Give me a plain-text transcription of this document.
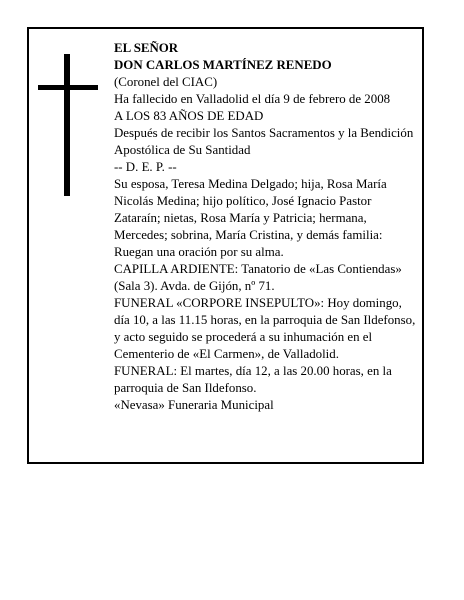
EL SEÑOR

DON CARLOS MARTÍNEZ RENEDO

(Coronel del CIAC)

Ha fallecido en Valladolid el día 9 de febrero de 2008

A LOS 83 AÑOS DE EDAD

Después de recibir los Santos Sacramentos y la Bendición Apostólica de Su Santidad

-- D. E. P. --

Su esposa, Teresa Medina Delgado; hija, Rosa María Nicolás Medina; hijo político, José Ignacio Pastor Zataraín; nietas, Rosa María y Patricia; hermana, Mercedes; sobrina, María Cristina, y demás familia:

Ruegan una oración por su alma.

CAPILLA ARDIENTE: Tanatorio de «Las Contiendas» (Sala 3). Avda. de Gijón, nº 71.

FUNERAL «CORPORE INSEPULTO»: Hoy domingo, día 10, a las 11.15 horas, en la parroquia de San Ildefonso, y acto seguido se procederá a su inhumación en el Cementerio de «El Carmen», de Valladolid.

FUNERAL: El martes, día 12, a las 20.00 horas, en la parroquia de San Ildefonso.

«Nevasa» Funeraria Municipal
